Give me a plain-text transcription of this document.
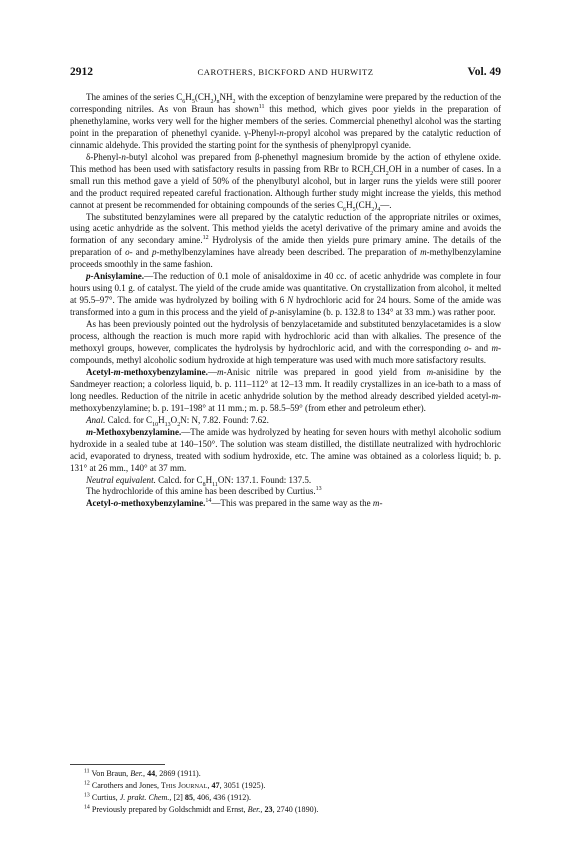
2912	CAROTHERS, BICKFORD AND HURWITZ	Vol. 49

The amines of the series $C_6H_5(CH_2)_nNH_2$ with the exception of benzylamine were prepared by the reduction of the corresponding nitriles. As von Braun has shown$^{11}$ this method, which gives poor yields in the preparation of phenethylamine, works very well for the higher members of the series. Commercial phenethyl alcohol was the starting point in the preparation of phenethyl cyanide. γ-Phenyl-n-propyl alcohol was prepared by the catalytic reduction of cinnamic aldehyde. This provided the starting point for the synthesis of phenylpropyl cyanide.

δ-Phenyl-n-butyl alcohol was prepared from β-phenethyl magnesium bromide by the action of ethylene oxide. This method has been used with satisfactory results in passing from RBr to $RCH_2CH_2OH$ in a number of cases. In a small run this method gave a yield of 50% of the phenylbutyl alcohol, but in larger runs the yields were still poorer and the product required repeated careful fractionation. Although further study might increase the yields, this method cannot at present be recommended for obtaining compounds of the series $C_6H_5(CH_2)_4—$.

The substituted benzylamines were all prepared by the catalytic reduction of the appropriate nitriles or oximes, using acetic anhydride as the solvent. This method yields the acetyl derivative of the primary amine and avoids the formation of any secondary amine.$^{12}$ Hydrolysis of the amide then yields pure primary amine. The details of the preparation of o- and p-methylbenzylamines have already been described. The preparation of m-methylbenzylamine proceeds smoothly in the same fashion.

p-Anisylamine.—The reduction of 0.1 mole of anisaldoxime in 40 cc. of acetic anhydride was complete in four hours using 0.1 g. of catalyst. The yield of the crude amide was quantitative. On crystallization from alcohol, it melted at 95.5–97°. The amide was hydrolyzed by boiling with 6 N hydrochloric acid for 24 hours. Some of the amide was transformed into a gum in this process and the yield of p-anisylamine (b. p. 132.8 to 134° at 33 mm.) was rather poor.

As has been previously pointed out the hydrolysis of benzylacetamide and substituted benzylacetamides is a slow process, although the reaction is much more rapid with hydrochloric acid than with alkalies. The presence of the methoxyl groups, however, complicates the hydrolysis by hydrochloric acid, and with the corresponding o- and m-compounds, methyl alcoholic sodium hydroxide at high temperature was used with much more satisfactory results.

Acetyl-m-methoxybenzylamine.—m-Anisic nitrile was prepared in good yield from m-anisidine by the Sandmeyer reaction; a colorless liquid, b. p. 111–112° at 12–13 mm. It readily crystallizes in an ice-bath to a mass of long needles. Reduction of the nitrile in acetic anhydride solution by the method already described yielded acetyl-m-methoxybenzylamine; b. p. 191–198° at 11 mm.; m. p. 58.5–59° (from ether and petroleum ether).

Anal. Calcd. for $C_{10}H_{13}O_2N$: N, 7.82. Found: 7.62.

m-Methoxybenzylamine.—The amide was hydrolyzed by heating for seven hours with methyl alcoholic sodium hydroxide in a sealed tube at 140–150°. The solution was steam distilled, the distillate neutralized with hydrochloric acid, evaporated to dryness, treated with sodium hydroxide, etc. The amine was obtained as a colorless liquid; b. p. 131° at 26 mm., 140° at 37 mm.

Neutral equivalent. Calcd. for $C_8H_{11}ON$: 137.1. Found: 137.5.

The hydrochloride of this amine has been described by Curtius.$^{13}$

Acetyl-o-methoxybenzylamine.$^{14}$—This was prepared in the same way as the m-

$^{11}$ Von Braun, Ber., 44, 2869 (1911).
$^{12}$ Carothers and Jones, THIS JOURNAL, 47, 3051 (1925).
$^{13}$ Curtius, J. prakt. Chem., [2] 85, 406, 436 (1912).
$^{14}$ Previously prepared by Goldschmidt and Ernst, Ber., 23, 2740 (1890).
